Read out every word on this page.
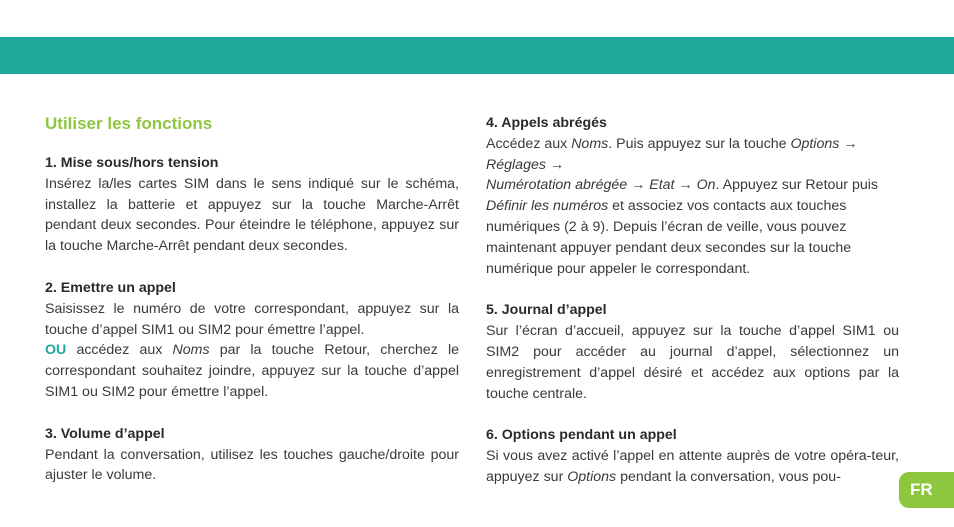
Utiliser les fonctions

1. Mise sous/hors tension

Insérez la/les cartes SIM dans le sens indiqué sur le schéma, installez la batterie et appuyez sur la touche Marche-Arrêt pendant deux secondes. Pour éteindre le téléphone, appuyez sur la touche Marche-Arrêt pendant deux secondes.

2. Emettre un appel

Saisissez le numéro de votre correspondant, appuyez sur la touche d’appel SIM1 ou SIM2 pour émettre l’appel.

OU accédez aux Noms par la touche Retour, cherchez le correspondant souhaitez joindre, appuyez sur la touche d’appel SIM1 ou SIM2 pour émettre l’appel.

3. Volume d’appel

Pendant la conversation, utilisez les touches gauche/droite pour ajuster le volume.

4. Appels abrégés

Accédez aux Noms. Puis appuyez sur la touche Options →
Réglages →
Numérotation abrégée → Etat → On. Appuyez sur Retour puis Définir les numéros et associez vos contacts aux touches numériques (2 à 9). Depuis l’écran de veille, vous pouvez maintenant appuyer pendant deux secondes sur la touche numérique pour appeler le correspondant.

5. Journal d’appel

Sur l’écran d’accueil, appuyez sur la touche d’appel SIM1 ou SIM2 pour accéder au journal d’appel, sélectionnez un enregistrement d’appel désiré et accédez aux options par la touche centrale.

6. Options pendant un appel

Si vous avez activé l’appel en attente auprès de votre opéra-teur, appuyez sur Options pendant la conversation, vous pou-

FR
